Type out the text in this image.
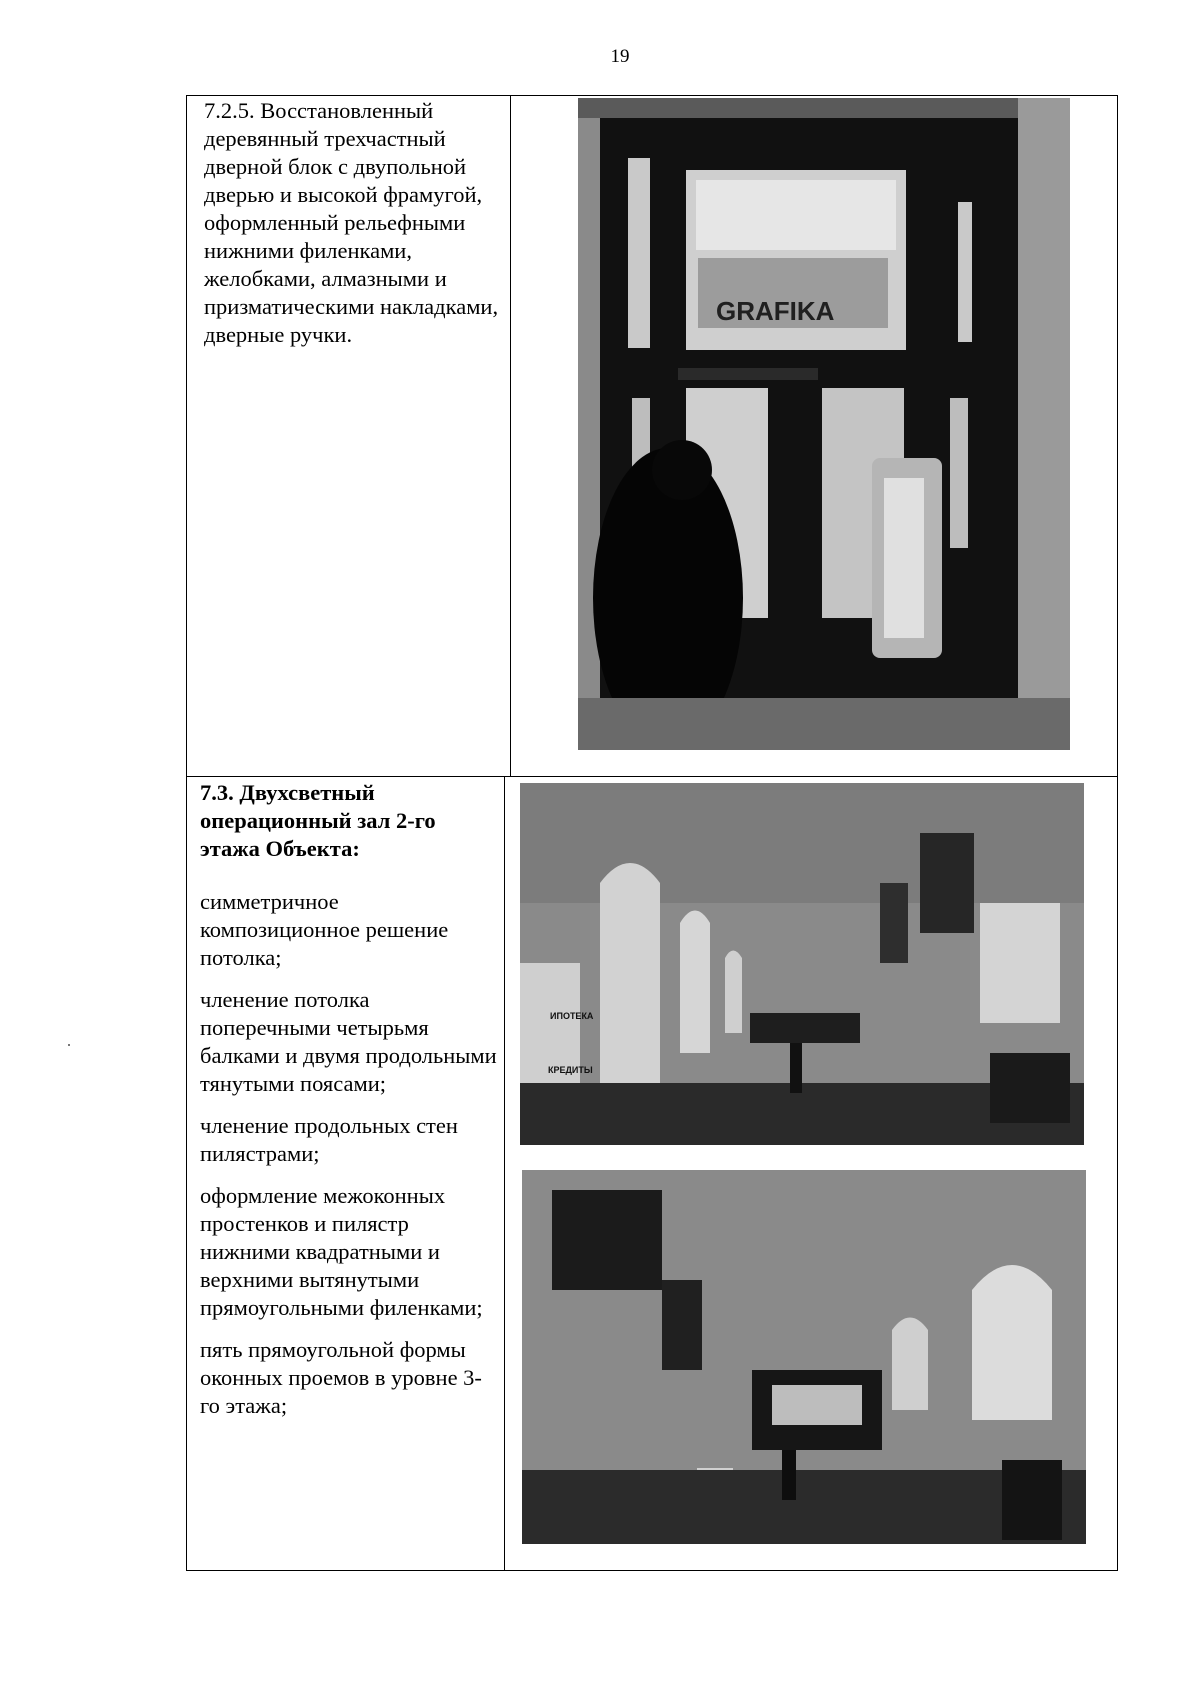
19
7.2.5. Восстановленный деревянный трехчастный дверной блок с двупольной дверью и высокой фрамугой, оформленный рельефными нижними филенками, желобками, алмазными и призматическими накладками, дверные ручки.
7.3. Двухсветный операционный зал 2-го этажа Объекта:

симметричное композиционное решение потолка;

членение потолка поперечными четырьмя балками и двумя продольными тянутыми поясами;

членение продольных стен пилястрами;

оформление межоконных простенков и пилястр нижними квадратными и верхними вытянутыми прямоугольными филенками;

пять прямоугольной формы оконных проемов в уровне 3-го этажа;

GRAFIKA
ИПОТЕКА
КРЕДИТЫ
